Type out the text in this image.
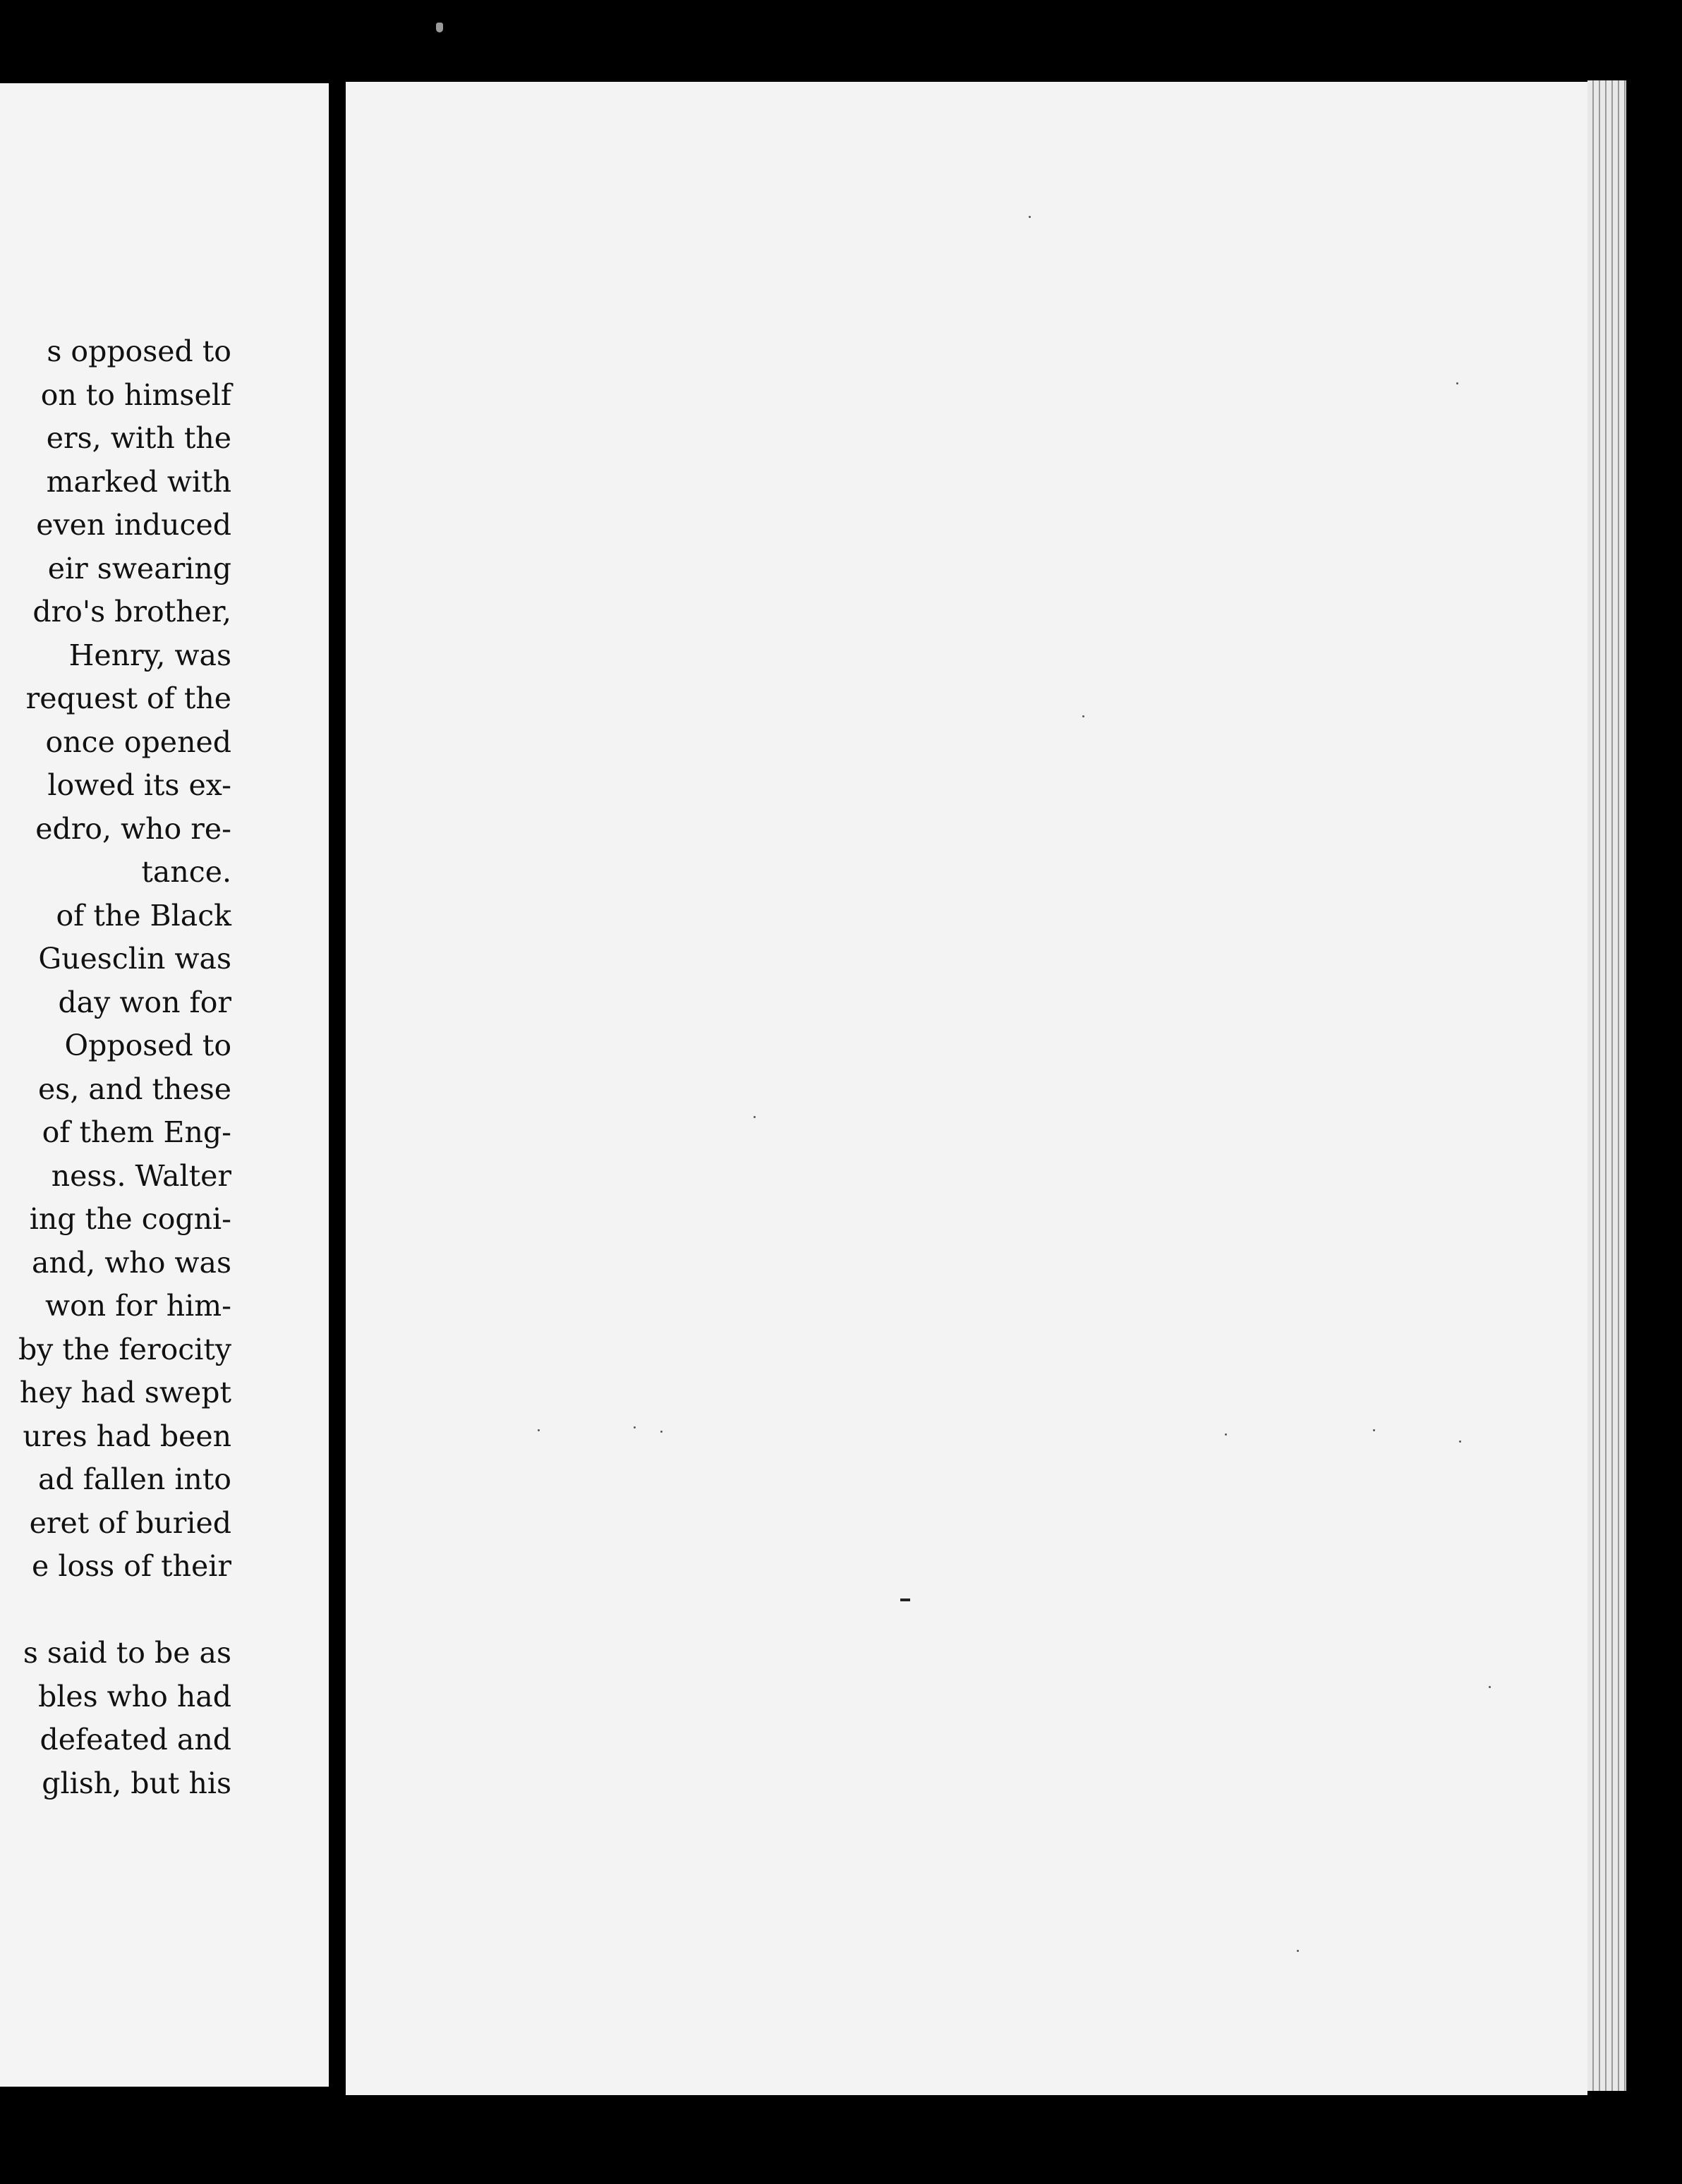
s opposed to
on to himself
ers, with the
marked with
even induced
eir swearing
dro's brother,
Henry, was
request of the
once opened
lowed its ex-
edro, who re-
tance.
of the Black
Guesclin was
day won for
Opposed to
es, and these
of them Eng-
ness. Walter
ing the cogni-
and, who was
won for him-
by the ferocity
hey had swept
ures had been
ad fallen into
eret of buried
e loss of their
s said to be as
bles who had
defeated and
glish, but his
